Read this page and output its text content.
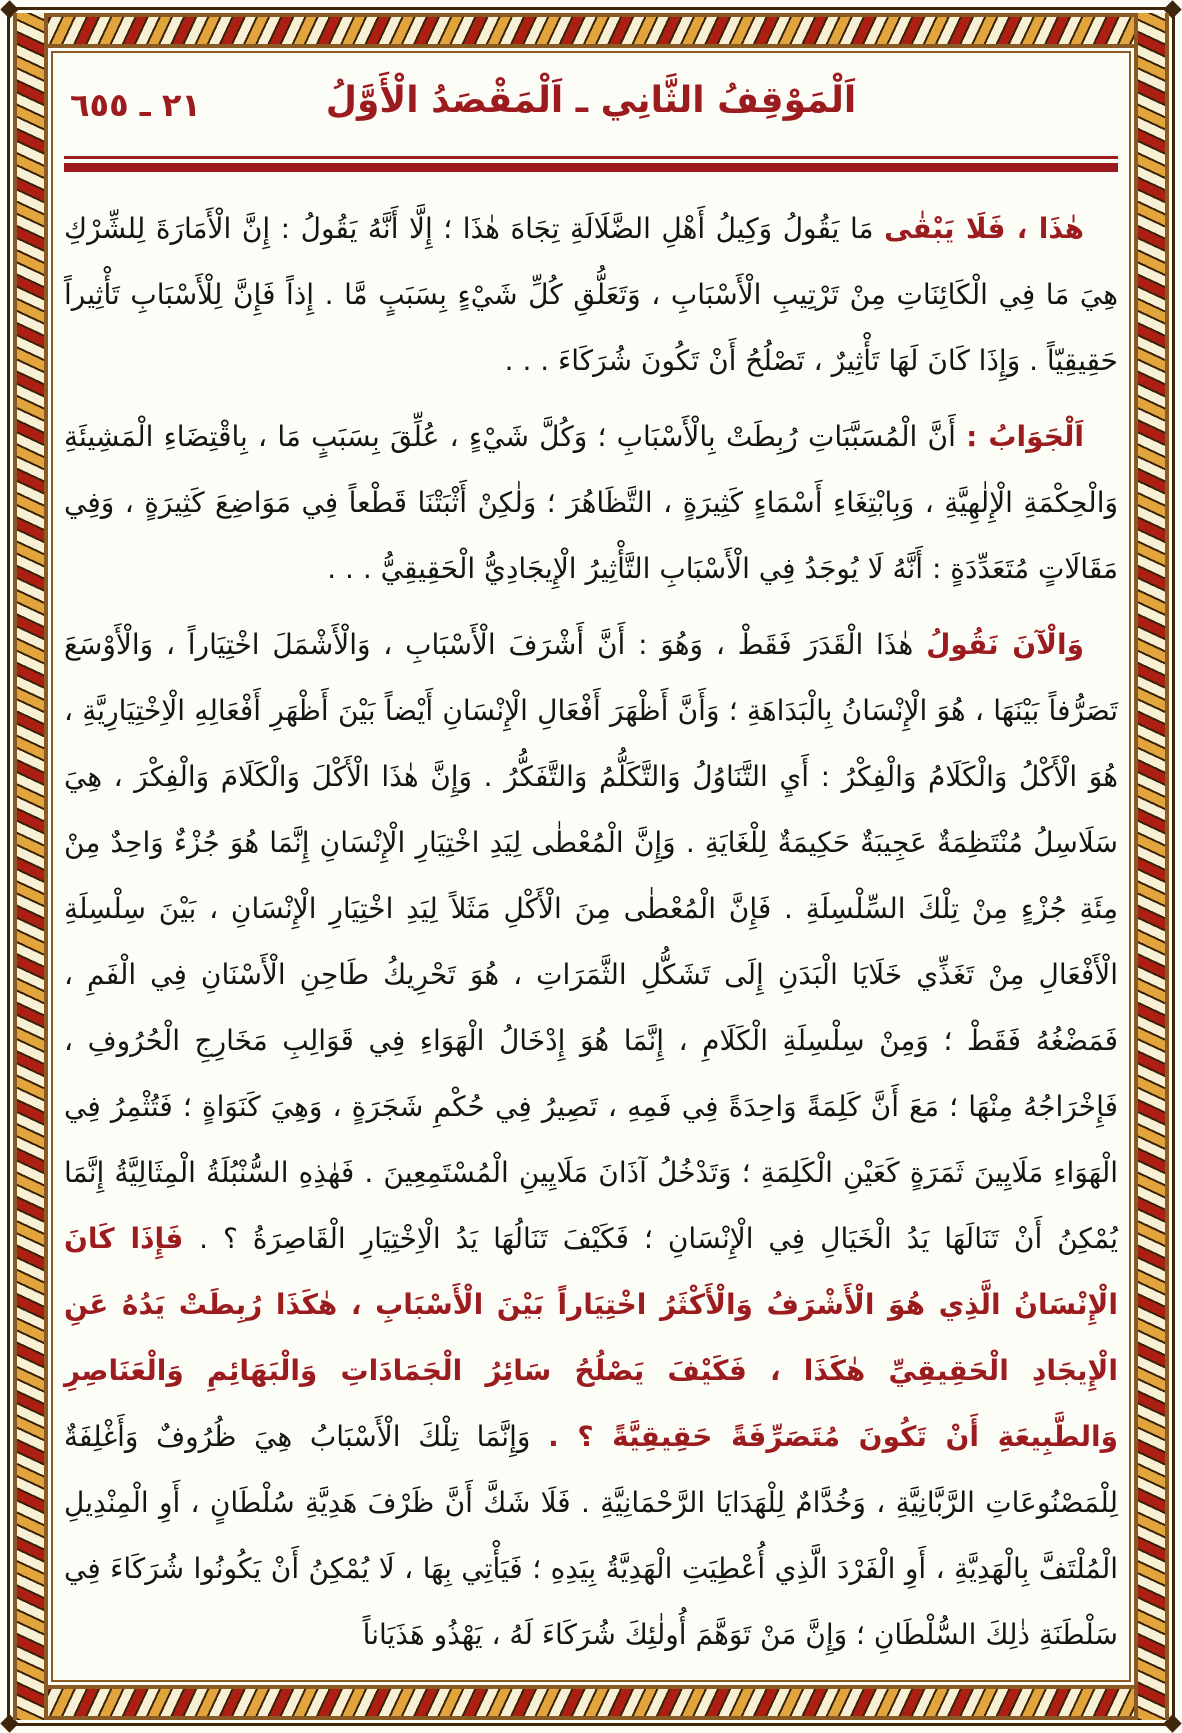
اَلْمَوْقِفُ الثَّانِي ـ اَلْمَقْصَدُ الْأَوَّلُ
٢١ ـ ٦٥٥

هٰذَا ، فَلَا يَبْقٰى مَا يَقُولُ وَكِيلُ أَهْلِ الضَّلَالَةِ تِجَاهَ هٰذَا ؛ إِلَّا أَنَّهُ يَقُولُ : إِنَّ الْأَمَارَةَ لِلشِّرْكِ هِيَ مَا فِي الْكَائِنَاتِ مِنْ تَرْتِيبِ الْأَسْبَابِ ، وَتَعَلُّقِ كُلِّ شَيْءٍ بِسَبَبٍ مَّا . إِذاً فَإِنَّ لِلْأَسْبَابِ تَأْثِيراً حَقِيقِيّاً . وَإِذَا كَانَ لَهَا تَأْثِيرٌ ، تَصْلُحُ أَنْ تَكُونَ شُرَكَاءَ . . .

اَلْجَوَابُ : أَنَّ الْمُسَبَّبَاتِ رُبِطَتْ بِالْأَسْبَابِ ؛ وَكُلَّ شَيْءٍ ، عُلِّقَ بِسَبَبٍ مَا ، بِاقْتِضَاءِ الْمَشِيئَةِ وَالْحِكْمَةِ الْإِلٰهِيَّةِ ، وَبِابْتِغَاءِ أَسْمَاءٍ كَثِيرَةٍ ، التَّظَاهُرَ ؛ وَلٰكِنْ أَثْبَتْنَا قَطْعاً فِي مَوَاضِعَ كَثِيرَةٍ ، وَفِي مَقَالَاتٍ مُتَعَدِّدَةٍ : أَنَّهُ لَا يُوجَدُ فِي الْأَسْبَابِ التَّأْثِيرُ الْإِيجَادِيُّ الْحَقِيقِيُّ . . .

وَالْآنَ نَقُولُ هٰذَا الْقَدَرَ فَقَطْ ، وَهُوَ : أَنَّ أَشْرَفَ الْأَسْبَابِ ، وَالْأَشْمَلَ اخْتِيَاراً ، وَالْأَوْسَعَ تَصَرُّفاً بَيْنَهَا ، هُوَ الْإِنْسَانُ بِالْبَدَاهَةِ ؛ وَأَنَّ أَظْهَرَ أَفْعَالِ الْإِنْسَانِ أَيْضاً بَيْنَ أَظْهَرِ أَفْعَالِهِ الْاِخْتِيَارِيَّةِ ، هُوَ الْأَكْلُ وَالْكَلَامُ وَالْفِكْرُ : أَيِ التَّنَاوُلُ وَالتَّكَلُّمُ وَالتَّفَكُّرُ . وَإِنَّ هٰذَا الْأَكْلَ وَالْكَلَامَ وَالْفِكْرَ ، هِيَ سَلَاسِلُ مُنْتَظِمَةٌ عَجِيبَةٌ حَكِيمَةٌ لِلْغَايَةِ . وَإِنَّ الْمُعْطٰى لِيَدِ اخْتِيَارِ الْإِنْسَانِ إِنَّمَا هُوَ جُزْءٌ وَاحِدٌ مِنْ مِئَةِ جُزْءٍ مِنْ تِلْكَ السِّلْسِلَةِ . فَإِنَّ الْمُعْطٰى مِنَ الْأَكْلِ مَثَلاً لِيَدِ اخْتِيَارِ الْإِنْسَانِ ، بَيْنَ سِلْسِلَةِ الْأَفْعَالِ مِنْ تَغَذِّي خَلَايَا الْبَدَنِ إِلَى تَشَكُّلِ الثَّمَرَاتِ ، هُوَ تَحْرِيكُ طَاحِنِ الْأَسْنَانِ فِي الْفَمِ ، فَمَضْغُهُ فَقَطْ ؛ وَمِنْ سِلْسِلَةِ الْكَلَامِ ، إِنَّمَا هُوَ إِدْخَالُ الْهَوَاءِ فِي قَوَالِبِ مَخَارِجِ الْحُرُوفِ ، فَإِخْرَاجُهُ مِنْهَا ؛ مَعَ أَنَّ كَلِمَةً وَاحِدَةً فِي فَمِهِ ، تَصِيرُ فِي حُكْمِ شَجَرَةٍ ، وَهِيَ كَنَوَاةٍ ؛ فَتُثْمِرُ فِي الْهَوَاءِ مَلَايِينَ ثَمَرَةٍ كَعَيْنِ الْكَلِمَةِ ؛ وَتَدْخُلُ آذَانَ مَلَايِينِ الْمُسْتَمِعِينَ . فَهٰذِهِ السُّنْبُلَةُ الْمِثَالِيَّةُ إِنَّمَا يُمْكِنُ أَنْ تَنَالَهَا يَدُ الْخَيَالِ فِي الْإِنْسَانِ ؛ فَكَيْفَ تَنَالُهَا يَدُ الْاِخْتِيَارِ الْقَاصِرَةُ ؟ . فَإِذَا كَانَ الْإِنْسَانُ الَّذِي هُوَ الْأَشْرَفُ وَالْأَكْثَرُ اخْتِيَاراً بَيْنَ الْأَسْبَابِ ، هٰكَذَا رُبِطَتْ يَدُهُ عَنِ الْإِيجَادِ الْحَقِيقِيِّ هٰكَذَا ، فَكَيْفَ يَصْلُحُ سَائِرُ الْجَمَادَاتِ وَالْبَهَائِمِ وَالْعَنَاصِرِ وَالطَّبِيعَةِ أَنْ تَكُونَ مُتَصَرِّفَةً حَقِيقِيَّةً ؟ . وَإِنَّمَا تِلْكَ الْأَسْبَابُ هِيَ ظُرُوفٌ وَأَغْلِفَةٌ لِلْمَصْنُوعَاتِ الرَّبَّانِيَّةِ ، وَخُدَّامٌ لِلْهَدَايَا الرَّحْمَانِيَّةِ . فَلَا شَكَّ أَنَّ ظَرْفَ هَدِيَّةِ سُلْطَانٍ ، أَوِ الْمِنْدِيلِ الْمُلْتَفَّ بِالْهَدِيَّةِ ، أَوِ الْفَرْدَ الَّذِي أُعْطِيَتِ الْهَدِيَّةُ بِيَدِهِ ؛ فَيَأْتِي بِهَا ، لَا يُمْكِنُ أَنْ يَكُونُوا شُرَكَاءَ فِي سَلْطَنَةِ ذٰلِكَ السُّلْطَانِ ؛ وَإِنَّ مَنْ تَوَهَّمَ أُولٰئِكَ شُرَكَاءَ لَهُ ، يَهْذُو هَذَيَاناً
